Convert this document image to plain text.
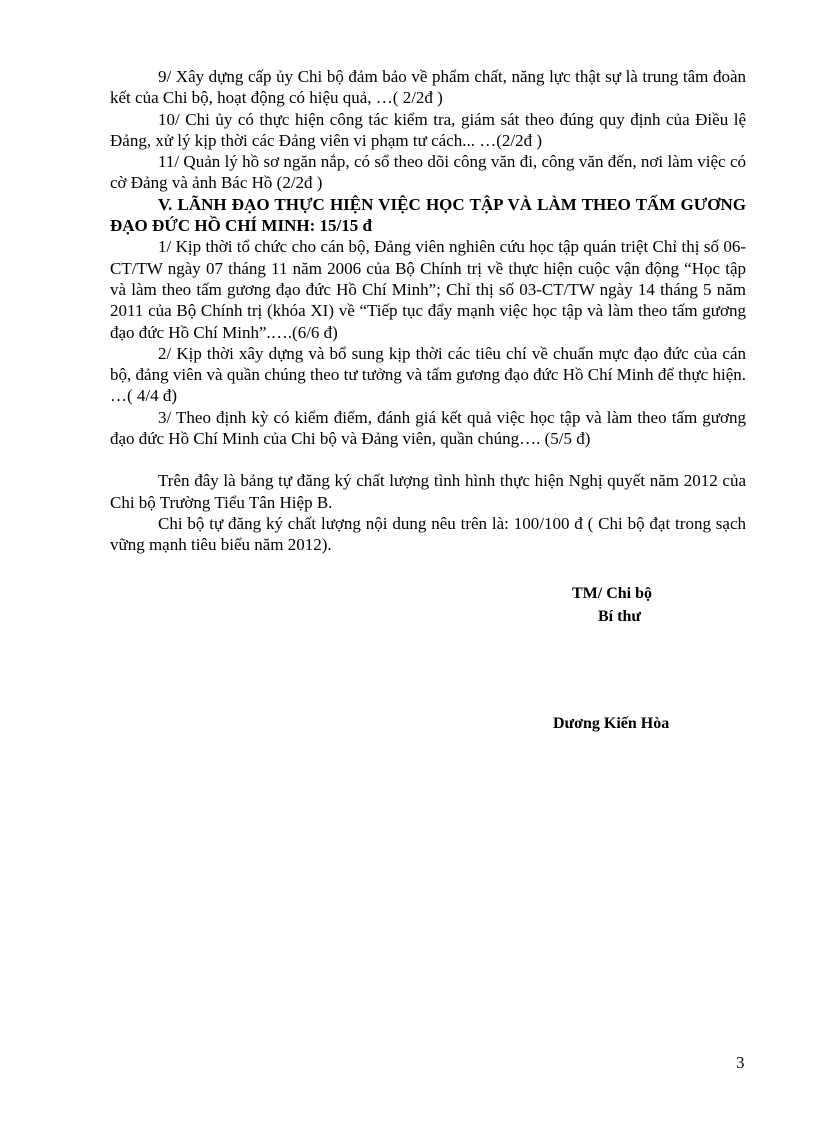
9/ Xây dựng cấp ủy Chi bộ đảm bảo về phẩm chất, năng lực thật sự là trung tâm đoàn kết của Chi bộ, hoạt động có hiệu quả, …( 2/2đ )

10/ Chi ủy có thực hiện công tác kiểm tra, giám sát theo đúng quy định của Điều lệ Đảng, xử lý kịp thời các Đảng viên vi phạm tư cách... …(2/2đ )

11/ Quản lý hồ sơ ngăn nắp, có sổ theo dõi công văn đi, công văn đến, nơi làm việc có cờ Đảng và ảnh Bác Hồ (2/2đ )

V. LÃNH ĐẠO THỰC HIỆN VIỆC HỌC TẬP VÀ LÀM THEO TẤM GƯƠNG ĐẠO ĐỨC HỒ CHÍ MINH: 15/15 đ

1/ Kịp thời tổ chức cho cán bộ, Đảng viên nghiên cứu học tập quán triệt Chỉ thị số 06-CT/TW ngày 07 tháng 11 năm 2006 của Bộ Chính trị về thực hiện cuộc vận động “Học tập và làm theo tấm gương đạo đức Hồ Chí Minh”; Chỉ thị số 03-CT/TW ngày 14 tháng 5 năm 2011 của Bộ Chính trị (khóa XI) về “Tiếp tục đẩy mạnh việc học tập và làm theo tấm gương đạo đức Hồ Chí Minh”.….(6/6 đ)

2/ Kịp thời xây dựng và bổ sung kịp thời các tiêu chí về chuẩn mực đạo đức của cán bộ, đảng viên và quần chúng theo tư tưởng và tấm gương đạo đức Hồ Chí Minh để thực hiện. …( 4/4 đ)

3/ Theo định kỳ có kiểm điểm, đánh giá kết quả việc học tập và làm theo tấm gương đạo đức Hồ Chí Minh của Chi bộ và Đảng viên, quần chúng…. (5/5 đ)

Trên đây là bảng tự đăng ký chất lượng tình hình thực hiện Nghị quyết năm 2012 của Chi bộ Trường Tiểu Tân Hiệp B.

Chi bộ tự đăng ký chất lượng nội dung nêu trên là: 100/100 đ ( Chi bộ đạt trong sạch vững mạnh tiêu biểu năm 2012).

TM/ Chi bộ
Bí thư
Dương Kiến Hòa
3
